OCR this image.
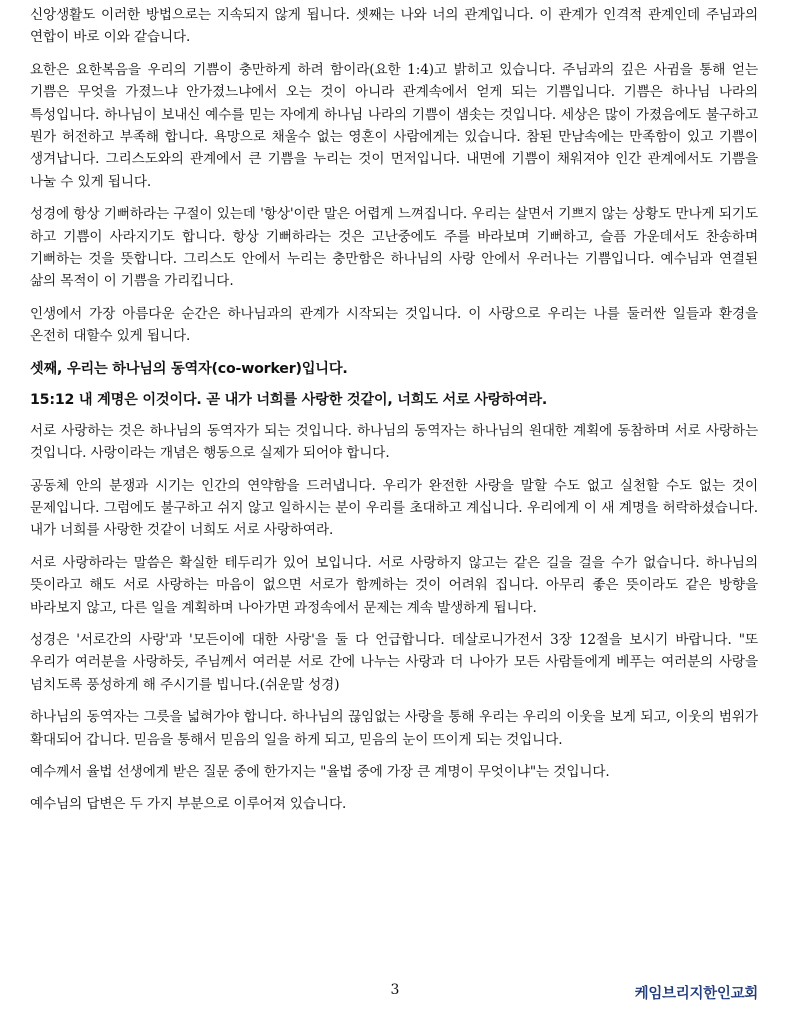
신앙생활도 이러한 방법으로는 지속되지 않게 됩니다. 셋째는 나와 너의 관계입니다. 이 관계가 인격적 관계인데 주님과의 연합이 바로 이와 같습니다.

요한은 요한복음을 우리의 기쁨이 충만하게 하려 함이라(요한 1:4)고 밝히고 있습니다. 주님과의 깊은 사귐을 통해 얻는 기쁨은 무엇을 가졌느냐 안가졌느냐에서 오는 것이 아니라 관계속에서 얻게 되는 기쁨입니다. 기쁨은 하나님 나라의 특성입니다. 하나님이 보내신 예수를 믿는 자에게 하나님 나라의 기쁨이 샘솟는 것입니다. 세상은 많이 가졌음에도 불구하고 뭔가 허전하고 부족해 합니다. 욕망으로 채울수 없는 영혼이 사람에게는 있습니다. 참된 만남속에는 만족함이 있고 기쁨이 생겨납니다. 그리스도와의 관계에서 큰 기쁨을 누리는 것이 먼저입니다. 내면에 기쁨이 채워져야 인간 관계에서도 기쁨을 나눌 수 있게 됩니다.

성경에 항상 기뻐하라는 구절이 있는데 '항상'이란 말은 어렵게 느껴집니다. 우리는 살면서 기쁘지 않는 상황도 만나게 되기도 하고 기쁨이 사라지기도 합니다. 항상 기뻐하라는 것은 고난중에도 주를 바라보며 기뻐하고, 슬픔 가운데서도 찬송하며 기뻐하는 것을 뜻합니다. 그리스도 안에서 누리는 충만함은 하나님의 사랑 안에서 우러나는 기쁨입니다. 예수님과 연결된 삶의 목적이 이 기쁨을 가리킵니다.

인생에서 가장 아름다운 순간은 하나님과의 관계가 시작되는 것입니다. 이 사랑으로 우리는 나를 둘러싼 일들과 환경을 온전히 대할수 있게 됩니다.

셋째, 우리는 하나님의 동역자(co-worker)입니다.

15:12 내 계명은 이것이다. 곧 내가 너희를 사랑한 것같이, 너희도 서로 사랑하여라.

서로 사랑하는 것은 하나님의 동역자가 되는 것입니다. 하나님의 동역자는 하나님의 원대한 계획에 동참하며 서로 사랑하는 것입니다. 사랑이라는 개념은 행동으로 실제가 되어야 합니다.

공동체 안의 분쟁과 시기는 인간의 연약함을 드러냅니다. 우리가 완전한 사랑을 말할 수도 없고 실천할 수도 없는 것이 문제입니다. 그럼에도 불구하고 쉬지 않고 일하시는 분이 우리를 초대하고 계십니다. 우리에게 이 새 계명을 허락하셨습니다. 내가 너희를 사랑한 것같이 너희도 서로 사랑하여라.

서로 사랑하라는 말씀은 확실한 테두리가 있어 보입니다. 서로 사랑하지 않고는 같은 길을 걸을 수가 없습니다. 하나님의 뜻이라고 해도 서로 사랑하는 마음이 없으면 서로가 함께하는 것이 어려워 집니다. 아무리 좋은 뜻이라도 같은 방향을 바라보지 않고, 다른 일을 계획하며 나아가면 과정속에서 문제는 계속 발생하게 됩니다.

성경은 '서로간의 사랑'과 '모든이에 대한 사랑'을 둘 다 언급합니다. 데살로니가전서 3장 12절을 보시기 바랍니다. "또 우리가 여러분을 사랑하듯, 주님께서 여러분 서로 간에 나누는 사랑과 더 나아가 모든 사람들에게 베푸는 여러분의 사랑을 넘치도록 풍성하게 해 주시기를 빕니다.(쉬운말 성경)

하나님의 동역자는 그릇을 넓혀가야 합니다. 하나님의 끊임없는 사랑을 통해 우리는 우리의 이웃을 보게 되고, 이웃의 범위가 확대되어 갑니다. 믿음을 통해서 믿음의 일을 하게 되고, 믿음의 눈이 뜨이게 되는 것입니다.

예수께서 율법 선생에게 받은 질문 중에 한가지는 "율법 중에 가장 큰 계명이 무엇이냐"는 것입니다.

예수님의 답변은 두 가지 부분으로 이루어져 있습니다.

3	케임브리지한인교회
